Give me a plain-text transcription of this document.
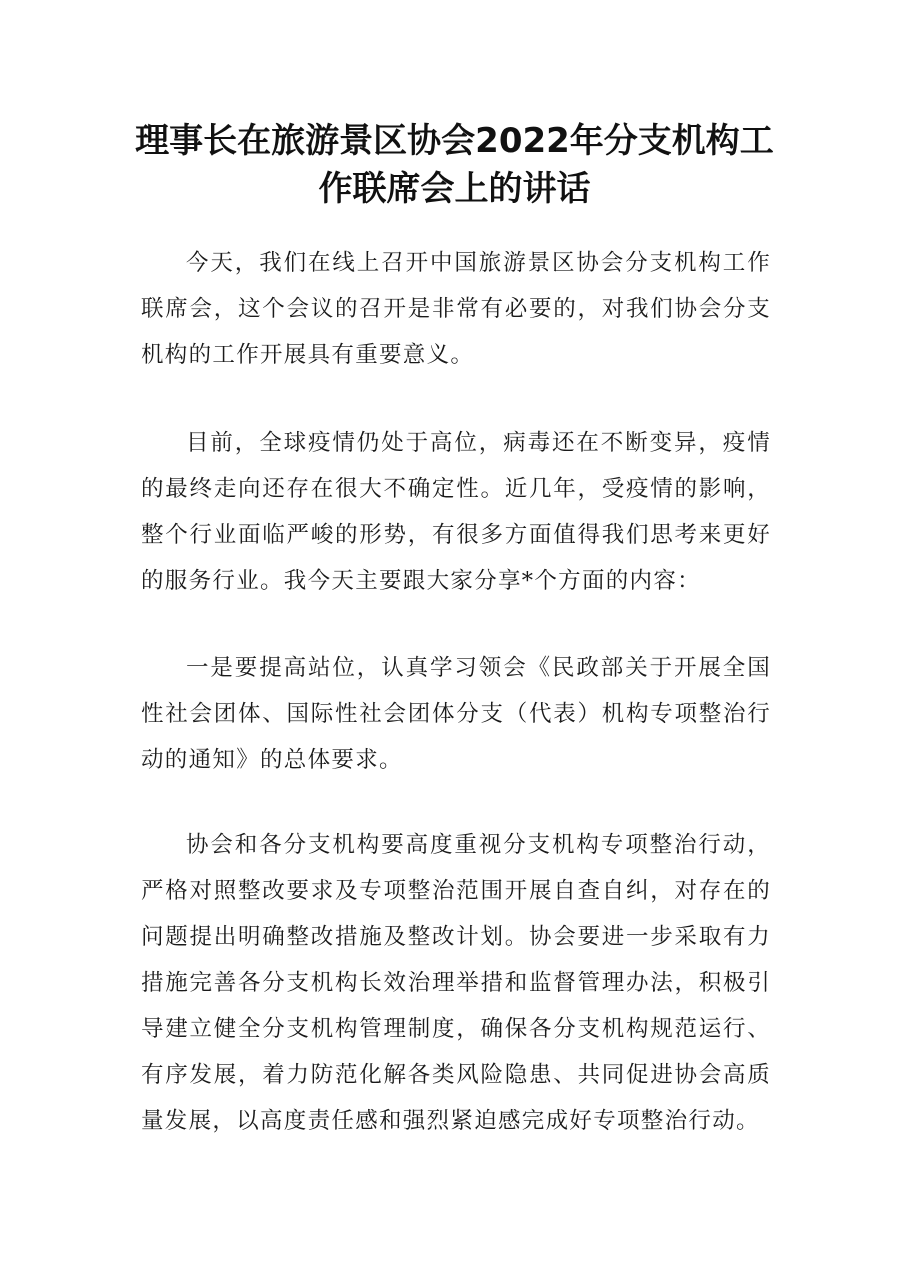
理事长在旅游景区协会2022年分支机构工
作联席会上的讲话

今天，我们在线上召开中国旅游景区协会分支机构工作联席会，这个会议的召开是非常有必要的，对我们协会分支机构的工作开展具有重要意义。

目前，全球疫情仍处于高位，病毒还在不断变异，疫情的最终走向还存在很大不确定性。近几年，受疫情的影响，整个行业面临严峻的形势，有很多方面值得我们思考来更好的服务行业。我今天主要跟大家分享*个方面的内容：

一是要提高站位，认真学习领会《民政部关于开展全国性社会团体、国际性社会团体分支（代表）机构专项整治行动的通知》的总体要求。

协会和各分支机构要高度重视分支机构专项整治行动，严格对照整改要求及专项整治范围开展自查自纠，对存在的问题提出明确整改措施及整改计划。协会要进一步采取有力措施完善各分支机构长效治理举措和监督管理办法，积极引导建立健全分支机构管理制度，确保各分支机构规范运行、有序发展，着力防范化解各类风险隐患、共同促进协会高质量发展，以高度责任感和强烈紧迫感完成好专项整治行动。
